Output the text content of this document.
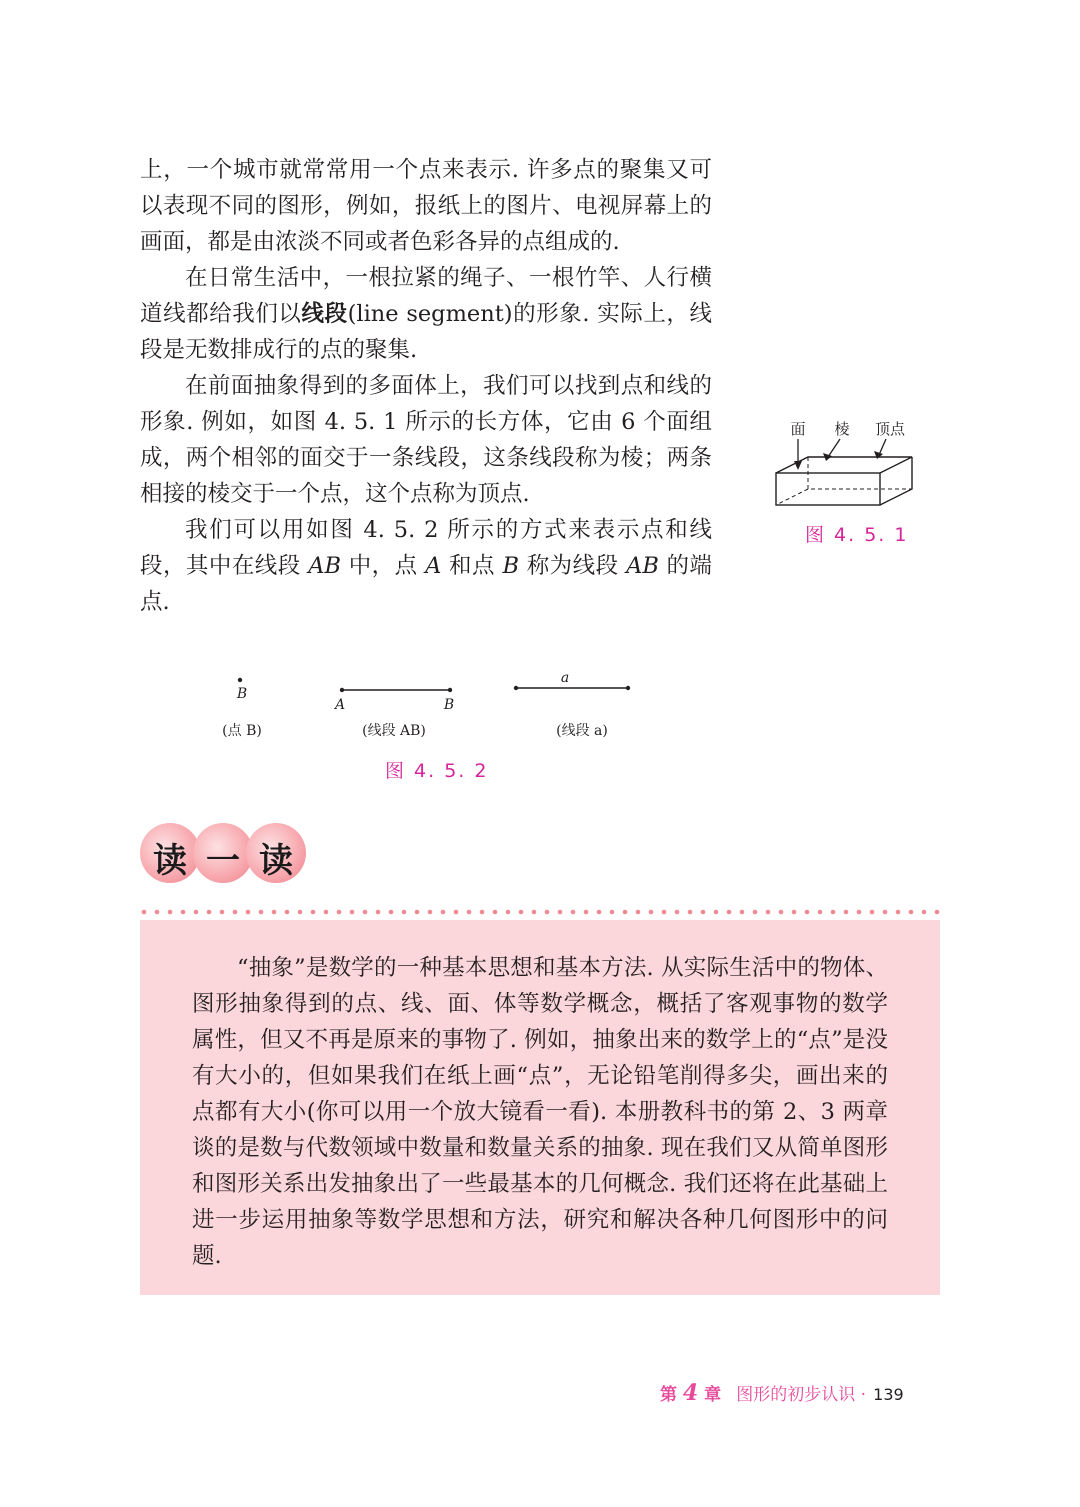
上，一个城市就常常用一个点来表示. 许多点的聚集又可以表现不同的图形，例如，报纸上的图片、电视屏幕上的画面，都是由浓淡不同或者色彩各异的点组成的.

在日常生活中，一根拉紧的绳子、一根竹竿、人行横道线都给我们以线段(line segment)的形象. 实际上，线段是无数排成行的点的聚集.

在前面抽象得到的多面体上，我们可以找到点和线的形象. 例如，如图 4. 5. 1 所示的长方体，它由 6 个面组成，两个相邻的面交于一条线段，这条线段称为棱；两条相接的棱交于一个点，这个点称为顶点.

我们可以用如图 4. 5. 2 所示的方式来表示点和线段，其中在线段 AB 中，点 A 和点 B 称为线段 AB 的端点.

面 棱 顶点
图 4. 5. 1
B
(点 B)
A	B
(线段 AB)
a
(线段 a)
图 4. 5. 2
读 一 读

“抽象”是数学的一种基本思想和基本方法. 从实际生活中的物体、图形抽象得到的点、线、面、体等数学概念，概括了客观事物的数学属性，但又不再是原来的事物了. 例如，抽象出来的数学上的“点”是没有大小的，但如果我们在纸上画“点”，无论铅笔削得多尖，画出来的点都有大小(你可以用一个放大镜看一看). 本册教科书的第 2、3 两章谈的是数与代数领域中数量和数量关系的抽象. 现在我们又从简单图形和图形关系出发抽象出了一些最基本的几何概念. 我们还将在此基础上进一步运用抽象等数学思想和方法，研究和解决各种几何图形中的问题.

第 4 章 图形的初步认识 · 139
